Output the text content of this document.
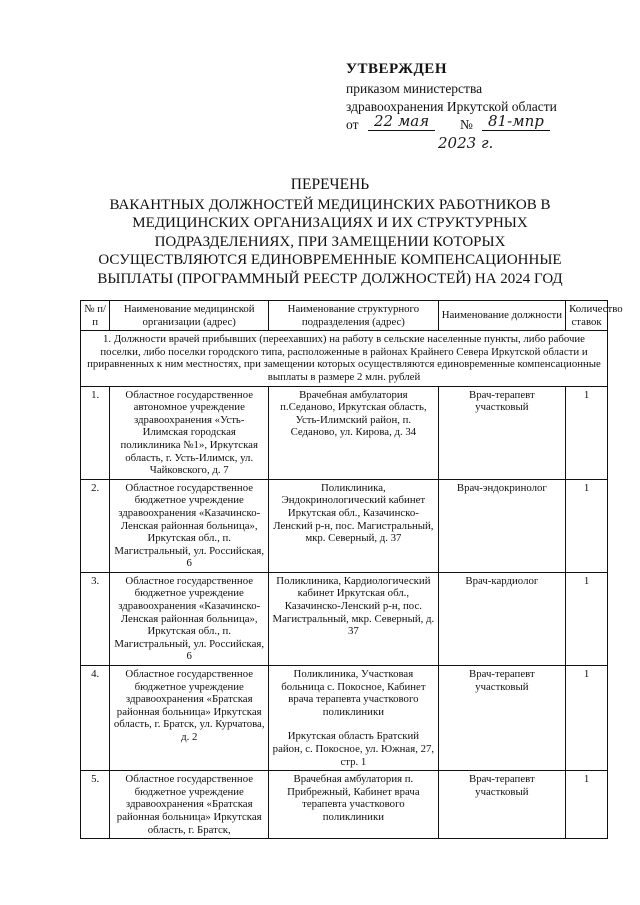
УТВЕРЖДЕН
приказом министерства
здравоохранения Иркутской области
от	22 мая	№	81-мпр
2023 г.
ПЕРЕЧЕНЬ
ВАКАНТНЫХ ДОЛЖНОСТЕЙ МЕДИЦИНСКИХ РАБОТНИКОВ В МЕДИЦИНСКИХ ОРГАНИЗАЦИЯХ И ИХ СТРУКТУРНЫХ ПОДРАЗДЕЛЕНИЯХ, ПРИ ЗАМЕЩЕНИИ КОТОРЫХ ОСУЩЕСТВЛЯЮТСЯ ЕДИНОВРЕМЕННЫЕ КОМПЕНСАЦИОННЫЕ ВЫПЛАТЫ (ПРОГРАММНЫЙ РЕЕСТР ДОЛЖНОСТЕЙ) НА 2024 ГОД
№ п/п	Наименование медицинской организации (адрес)	Наименование структурного подразделения (адрес)	Наименование должности	Количество ставок
1. Должности врачей прибывших (переехавших) на работу в сельские населенные пункты, либо рабочие поселки, либо поселки городского типа, расположенные в районах Крайнего Севера Иркутской области и приравненных к ним местностях, при замещении которых осуществляются единовременные компенсационные выплаты в размере 2 млн. рублей				
1.	Областное государственное автономное учреждение здравоохранения «Усть-Илимская городская поликлиника №1», Иркутская область, г. Усть-Илимск, ул. Чайковского, д. 7	Врачебная амбулатория п.Седаново, Иркутская область, Усть-Илимский район, п. Седаново, ул. Кирова, д. 34	Врач-терапевт участковый	1
2.	Областное государственное бюджетное учреждение здравоохранения «Казачинско-Ленская районная больница», Иркутская обл., п. Магистральный, ул. Российская, 6	Поликлиника, Эндокринологический кабинет Иркутская обл., Казачинско-Ленский р-н, пос. Магистральный, мкр. Северный, д. 37	Врач-эндокринолог	1
3.	Областное государственное бюджетное учреждение здравоохранения «Казачинско-Ленская районная больница», Иркутская обл., п. Магистральный, ул. Российская, 6	Поликлиника, Кардиологический кабинет Иркутская обл., Казачинско-Ленский р-н, пос. Магистральный, мкр. Северный, д. 37	Врач-кардиолог	1
4.	Областное государственное бюджетное учреждение здравоохранения «Братская районная больница» Иркутская область, г. Братск, ул. Курчатова, д. 2	Поликлиника, Участковая больница с. Покосное, Кабинет врача терапевта участкового поликлиники
Иркутская область Братский район, с. Покосное, ул. Южная, 27, стр. 1	Врач-терапевт участковый	1
5.	Областное государственное бюджетное учреждение здравоохранения «Братская районная больница» Иркутская область, г. Братск,	Врачебная амбулатория п. Прибрежный, Кабинет врача терапевта участкового поликлиники	Врач-терапевт участковый	1
